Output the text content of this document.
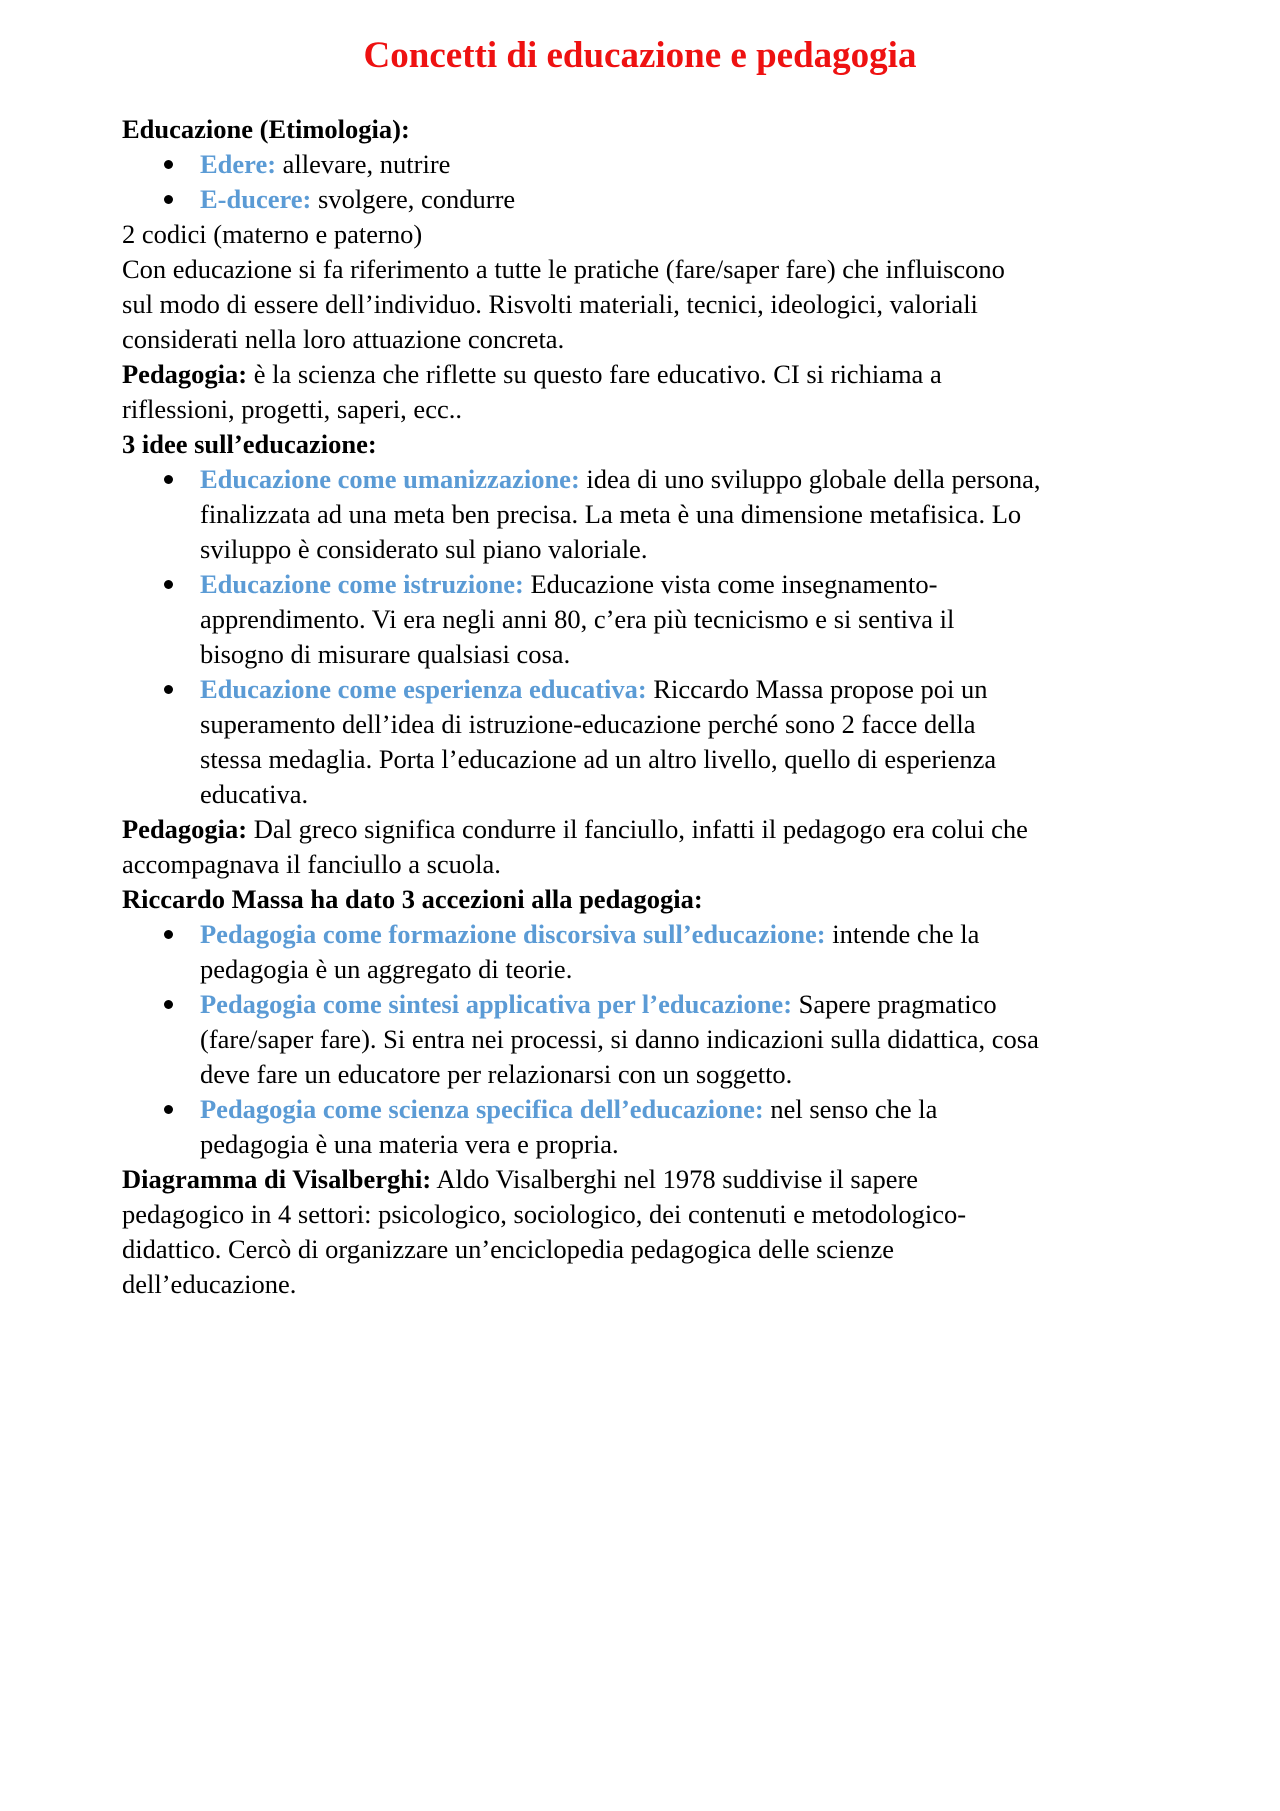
Concetti di educazione e pedagogia
Educazione (Etimologia):
Edere: allevare, nutrire
E-ducere: svolgere, condurre
2 codici (materno e paterno)
Con educazione si fa riferimento a tutte le pratiche (fare/saper fare) che influiscono
sul modo di essere dell’individuo. Risvolti materiali, tecnici, ideologici, valoriali
considerati nella loro attuazione concreta.
Pedagogia: è la scienza che riflette su questo fare educativo. CI si richiama a
riflessioni, progetti, saperi, ecc..
3 idee sull’educazione:
Educazione come umanizzazione: idea di uno sviluppo globale della persona,
finalizzata ad una meta ben precisa. La meta è una dimensione metafisica. Lo
sviluppo è considerato sul piano valoriale.
Educazione come istruzione: Educazione vista come insegnamento-
apprendimento. Vi era negli anni 80, c’era più tecnicismo e si sentiva il
bisogno di misurare qualsiasi cosa.
Educazione come esperienza educativa: Riccardo Massa propose poi un
superamento dell’idea di istruzione-educazione perché sono 2 facce della
stessa medaglia. Porta l’educazione ad un altro livello, quello di esperienza
educativa.
Pedagogia: Dal greco significa condurre il fanciullo, infatti il pedagogo era colui che
accompagnava il fanciullo a scuola.
Riccardo Massa ha dato 3 accezioni alla pedagogia:
Pedagogia come formazione discorsiva sull’educazione: intende che la
pedagogia è un aggregato di teorie.
Pedagogia come sintesi applicativa per l’educazione: Sapere pragmatico
(fare/saper fare). Si entra nei processi, si danno indicazioni sulla didattica, cosa
deve fare un educatore per relazionarsi con un soggetto.
Pedagogia come scienza specifica dell’educazione: nel senso che la
pedagogia è una materia vera e propria.
Diagramma di Visalberghi: Aldo Visalberghi nel 1978 suddivise il sapere
pedagogico in 4 settori: psicologico, sociologico, dei contenuti e metodologico-
didattico. Cercò di organizzare un’enciclopedia pedagogica delle scienze
dell’educazione.
